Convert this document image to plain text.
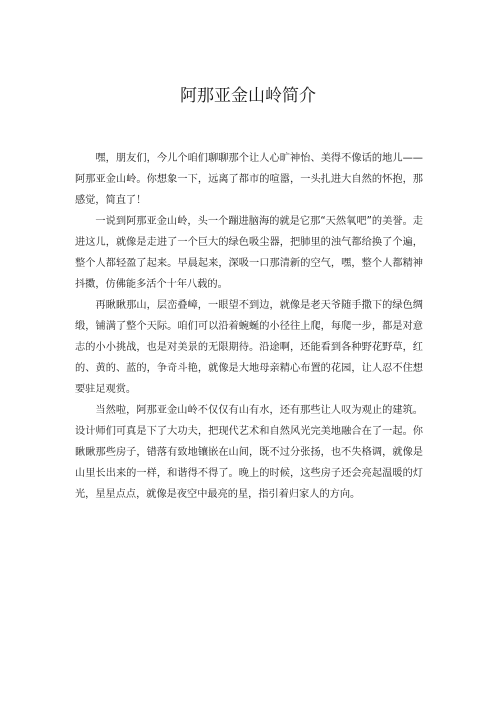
阿那亚金山岭简介

嘿，朋友们，今儿个咱们聊聊那个让人心旷神怡、美得不像话的地儿——阿那亚金山岭。你想象一下，远离了都市的喧嚣，一头扎进大自然的怀抱，那感觉，简直了！

一说到阿那亚金山岭，头一个蹦进脑海的就是它那“天然氧吧”的美誉。走进这儿，就像是走进了一个巨大的绿色吸尘器，把肺里的浊气都给换了个遍，整个人都轻盈了起来。早晨起来，深吸一口那清新的空气，嘿，整个人都精神抖擞，仿佛能多活个十年八载的。

再瞅瞅那山，层峦叠嶂，一眼望不到边，就像是老天爷随手撒下的绿色绸缎，铺满了整个天际。咱们可以沿着蜿蜒的小径往上爬，每爬一步，都是对意志的小小挑战，也是对美景的无限期待。沿途啊，还能看到各种野花野草，红的、黄的、蓝的，争奇斗艳，就像是大地母亲精心布置的花园，让人忍不住想要驻足观赏。

当然啦，阿那亚金山岭不仅仅有山有水，还有那些让人叹为观止的建筑。设计师们可真是下了大功夫，把现代艺术和自然风光完美地融合在了一起。你瞅瞅那些房子，错落有致地镶嵌在山间，既不过分张扬，也不失格调，就像是山里长出来的一样，和谐得不得了。晚上的时候，这些房子还会亮起温暖的灯光，星星点点，就像是夜空中最亮的星，指引着归家人的方向。
